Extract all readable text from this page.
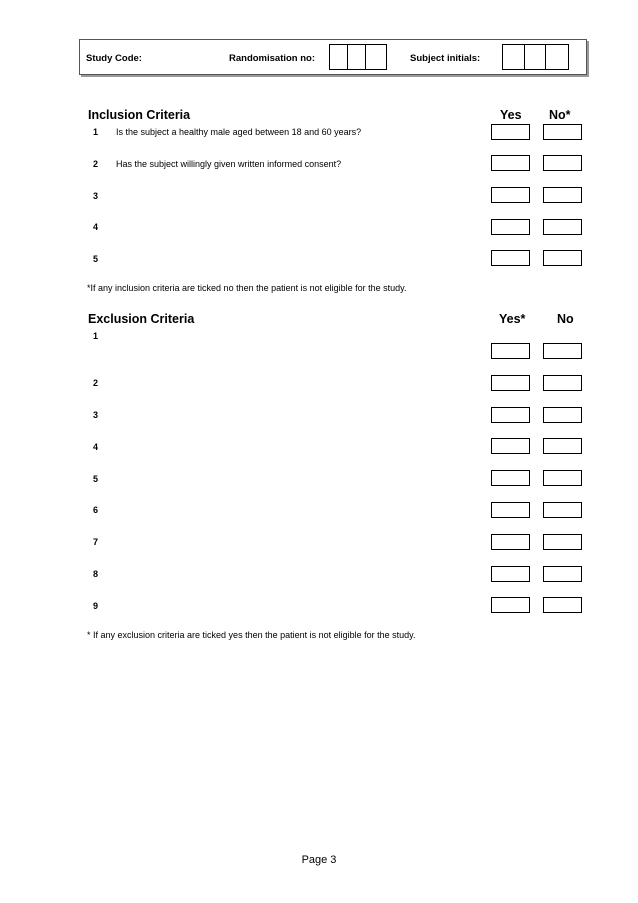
Study Code:	Randomisation no:	Subject initials:
Inclusion Criteria	Yes No*
1 Is the subject a healthy male aged between 18 and 60 years?
2 Has the subject willingly given written informed consent?
3
4
5
*If any inclusion criteria are ticked no then the patient is not eligible for the study.
Exclusion Criteria	Yes*	No
1
2
3
4
5
6
7
8
9
* If any exclusion criteria are ticked yes then the patient is not eligible for the study.
Page 3
